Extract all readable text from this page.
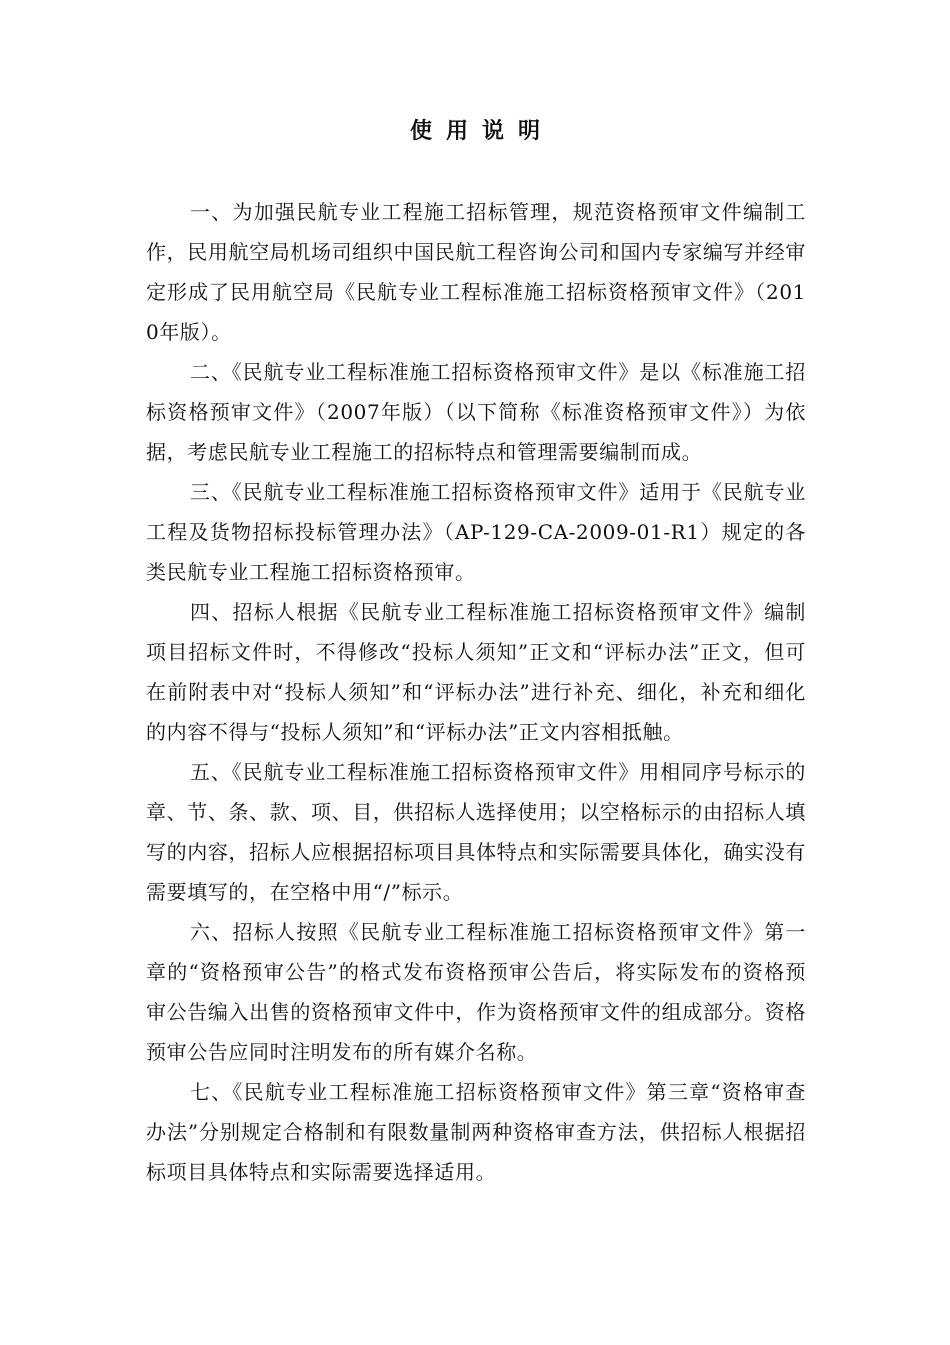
使用说明

一、为加强民航专业工程施工招标管理，规范资格预审文件编制工作，民用航空局机场司组织中国民航工程咨询公司和国内专家编写并经审定形成了民用航空局《民航专业工程标准施工招标资格预审文件》（2010年版）。

二、《民航专业工程标准施工招标资格预审文件》是以《标准施工招标资格预审文件》（2007年版）（以下简称《标准资格预审文件》）为依据，考虑民航专业工程施工的招标特点和管理需要编制而成。

三、《民航专业工程标准施工招标资格预审文件》适用于《民航专业工程及货物招标投标管理办法》（AP-129-CA-2009-01-R1）规定的各类民航专业工程施工招标资格预审。

四、招标人根据《民航专业工程标准施工招标资格预审文件》编制项目招标文件时，不得修改“投标人须知”正文和“评标办法”正文，但可在前附表中对“投标人须知”和“评标办法”进行补充、细化，补充和细化的内容不得与“投标人须知”和“评标办法”正文内容相抵触。

五、《民航专业工程标准施工招标资格预审文件》用相同序号标示的章、节、条、款、项、目，供招标人选择使用；以空格标示的由招标人填写的内容，招标人应根据招标项目具体特点和实际需要具体化，确实没有需要填写的，在空格中用“/”标示。

六、招标人按照《民航专业工程标准施工招标资格预审文件》第一章的“资格预审公告”的格式发布资格预审公告后，将实际发布的资格预审公告编入出售的资格预审文件中，作为资格预审文件的组成部分。资格预审公告应同时注明发布的所有媒介名称。

七、《民航专业工程标准施工招标资格预审文件》第三章“资格审查办法”分别规定合格制和有限数量制两种资格审查方法，供招标人根据招标项目具体特点和实际需要选择适用。
